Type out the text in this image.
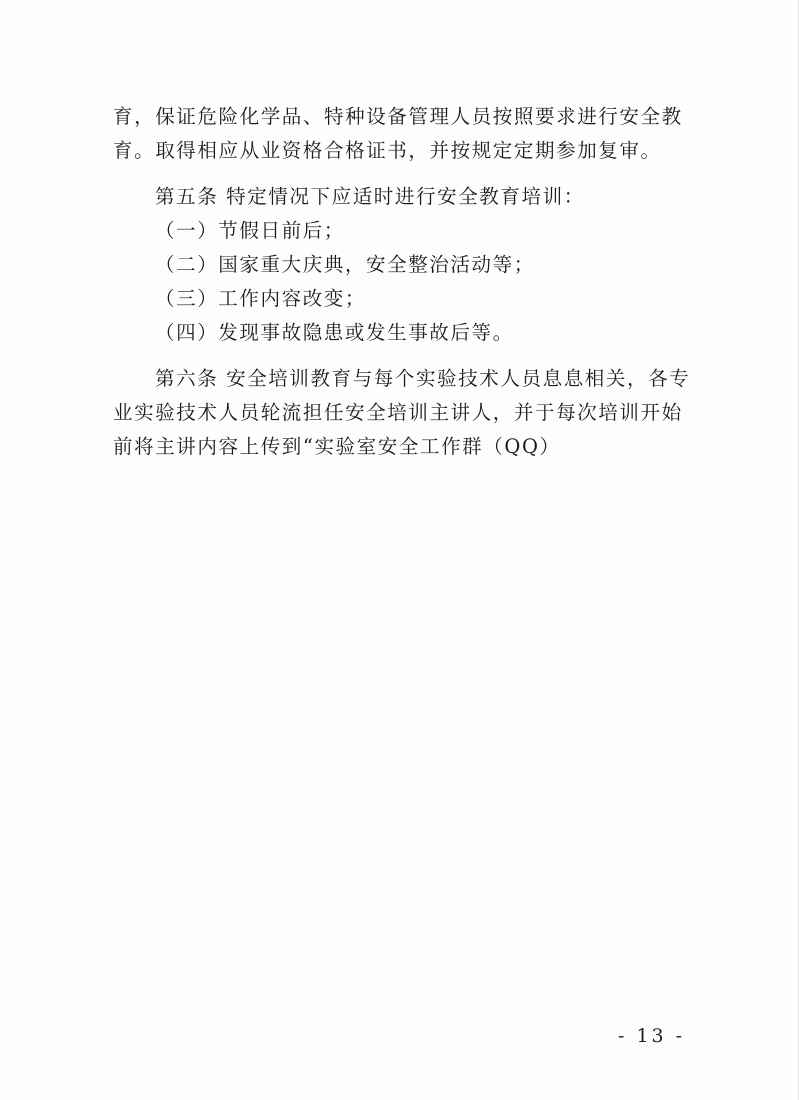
育，保证危险化学品、特种设备管理人员按照要求进行安全教
育。取得相应从业资格合格证书，并按规定定期参加复审。
第五条 特定情况下应适时进行安全教育培训：
（一）节假日前后；
（二）国家重大庆典，安全整治活动等；
（三）工作内容改变；
（四）发现事故隐患或发生事故后等。
第六条 安全培训教育与每个实验技术人员息息相关，各专
业实验技术人员轮流担任安全培训主讲人，并于每次培训开始
前将主讲内容上传到“实验室安全工作群（QQ）
- 13 -
